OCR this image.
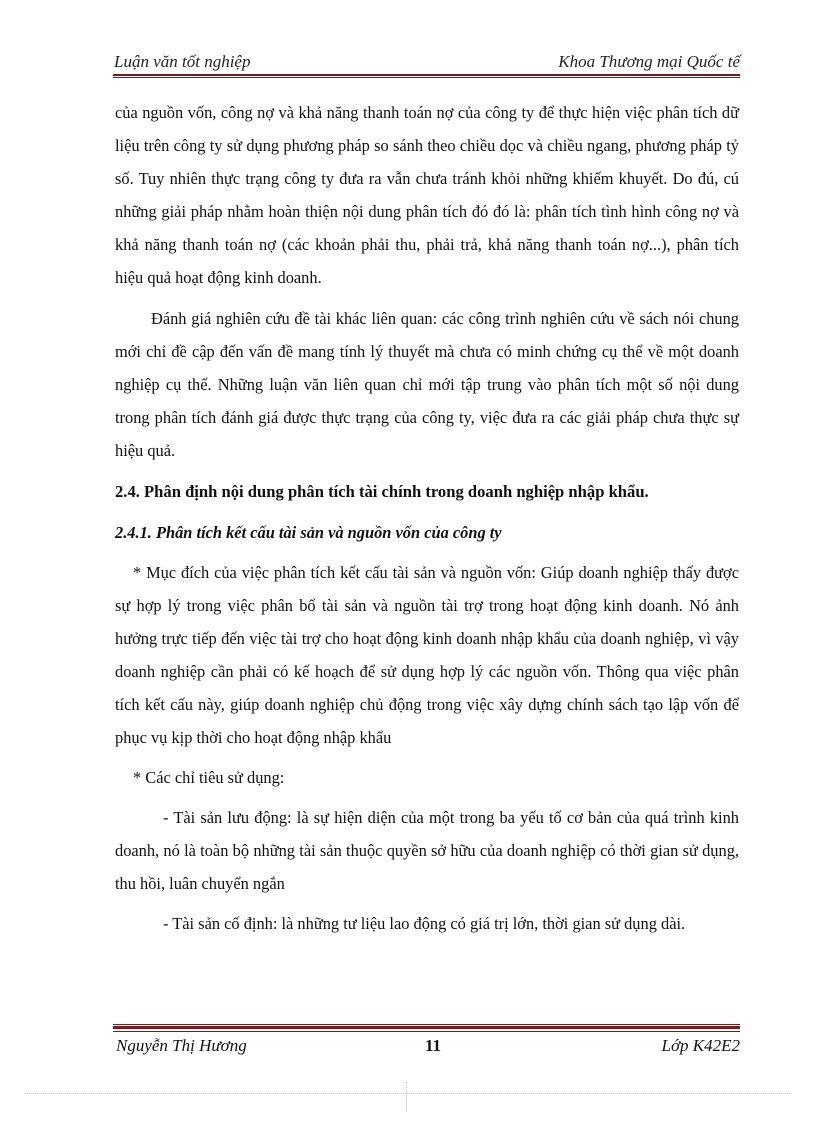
Luận văn tốt nghiệp	Khoa Thương mại Quốc tế

của nguồn vốn, công nợ và khả năng thanh toán nợ của công ty để thực hiện việc phân tích dữ liệu trên công ty sử dụng phương pháp so sánh theo chiều dọc và chiều ngang, phương pháp tỷ số. Tuy nhiên thực trạng công ty đưa ra vẫn chưa tránh khỏi những khiếm khuyết. Do đú, cú những giải pháp nhằm hoàn thiện nội dung phân tích đó đó là: phân tích tình hình công nợ và khả năng thanh toán nợ (các khoản phải thu, phải trả, khả năng thanh toán nợ...), phân tích hiệu quả hoạt động kinh doanh.

Đánh giá nghiên cứu đề tài khác liên quan: các công trình nghiên cứu về sách nói chung mới chỉ đề cập đến vấn đề mang tính lý thuyết mà chưa có minh chứng cụ thể về một doanh nghiệp cụ thể. Những luận văn liên quan chỉ mới tập trung vào phân tích một số nội dung trong phân tích đánh giá được thực trạng của công ty, việc đưa ra các giải pháp chưa thực sự hiệu quả.

2.4. Phân định nội dung phân tích tài chính trong doanh nghiệp nhập khẩu.

2.4.1. Phân tích kết cấu tài sản và nguồn vốn của công ty

* Mục đích của việc phân tích kết cấu tài sản và nguồn vốn: Giúp doanh nghiệp thấy được sự hợp lý trong việc phân bổ tài sản và nguồn tài trợ trong hoạt động kinh doanh. Nó ảnh hưởng trực tiếp đến việc tài trợ cho hoạt động kinh doanh nhập khẩu của doanh nghiệp, vì vậy doanh nghiệp cần phải có kế hoạch để sử dụng hợp lý các nguồn vốn. Thông qua việc phân tích kết cấu này, giúp doanh nghiệp chủ động trong việc xây dựng chính sách tạo lập vốn để phục vụ kịp thời cho hoạt động nhập khẩu

* Các chỉ tiêu sử dụng:

- Tài sản lưu động: là sự hiện diện của một trong ba yếu tố cơ bản của quá trình kinh doanh, nó là toàn bộ những tài sản thuộc quyền sở hữu của doanh nghiệp có thời gian sử dụng, thu hồi, luân chuyển ngắn

- Tài sản cố định: là những tư liệu lao động có giá trị lớn, thời gian sử dụng dài.

Nguyễn Thị Hương	11	Lớp K42E2
